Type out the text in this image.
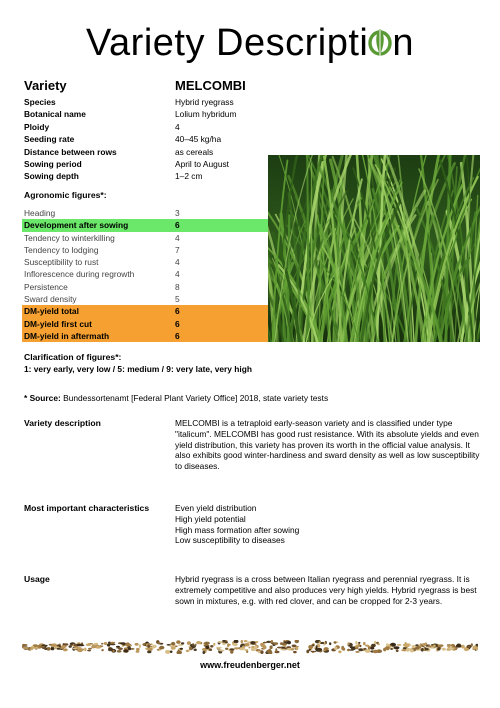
Variety Descripti n
Variety	MELCOMBI
Species	Hybrid ryegrass
Botanical name	Lolium hybridum
Ploidy	4
Seeding rate	40–45 kg/ha
Distance between rows	as cereals
Sowing period	April to August
Sowing depth	1–2 cm
Agronomic figures*:
Heading	3
Development after sowing	6
Tendency to winterkilling	4
Tendency to lodging	7
Susceptibility to rust	4
Inflorescence during regrowth	4
Persistence	8
Sward density	5
DM-yield total	6
DM-yield first cut	6
DM-yield in aftermath	6
Clarification of figures*:
1: very early, very low / 5: medium / 9: very late, very high
* Source: Bundessortenamt [Federal Plant Variety Office] 2018, state variety tests
Variety description	MELCOMBI is a tetraploid early-season variety and is classified under type "italicum". MELCOMBI has good rust resistance. With its absolute yields and even yield distribution, this variety has proven its worth in the official value analysis. It also exhibits good winter-hardiness and sward density as well as low susceptibility to diseases.
Most important characteristics	Even yield distribution
High yield potential
High mass formation after sowing
Low susceptibility to diseases
Usage	Hybrid ryegrass is a cross between Italian ryegrass and perennial ryegrass. It is extremely competitive and also produces very high yields. Hybrid ryegrass is best sown in mixtures, e.g. with red clover, and can be cropped for 2-3 years.
www.freudenberger.net
